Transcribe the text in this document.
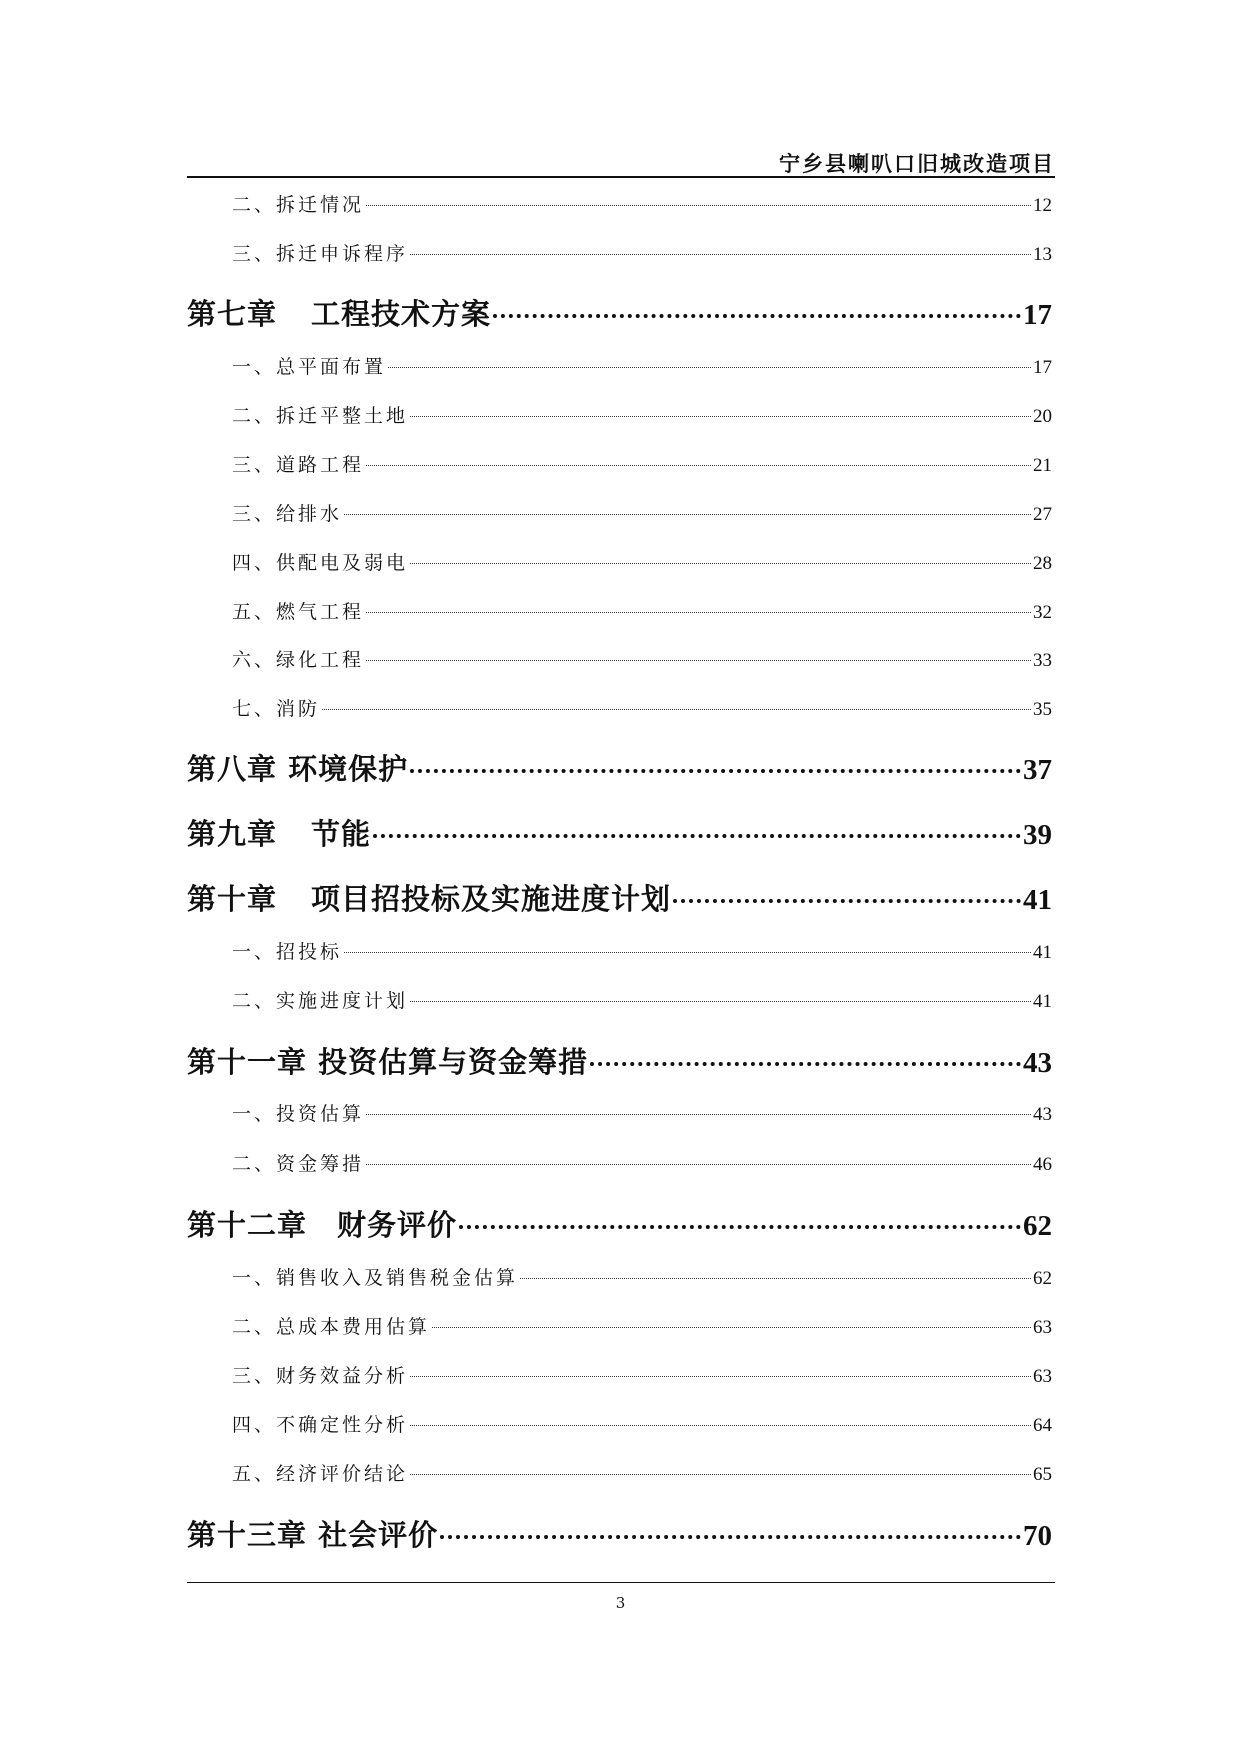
宁乡县喇叭口旧城改造项目
二、拆迁情况	12
三、拆迁申诉程序	13
第七章 工程技术方案	17
一、总平面布置	17
二、拆迁平整土地	20
三、道路工程	21
三、给排水	27
四、供配电及弱电	28
五、燃气工程	32
六、绿化工程	33
七、消防	35
第八章 环境保护	37
第九章 节能	39
第十章 项目招投标及实施进度计划	41
一、招投标	41
二、实施进度计划	41
第十一章 投资估算与资金筹措	43
一、投资估算	43
二、资金筹措	46
第十二章　财务评价	62
一、销售收入及销售税金估算	62
二、总成本费用估算	63
三、财务效益分析	63
四、不确定性分析	64
五、经济评价结论	65
第十三章 社会评价	70
3
